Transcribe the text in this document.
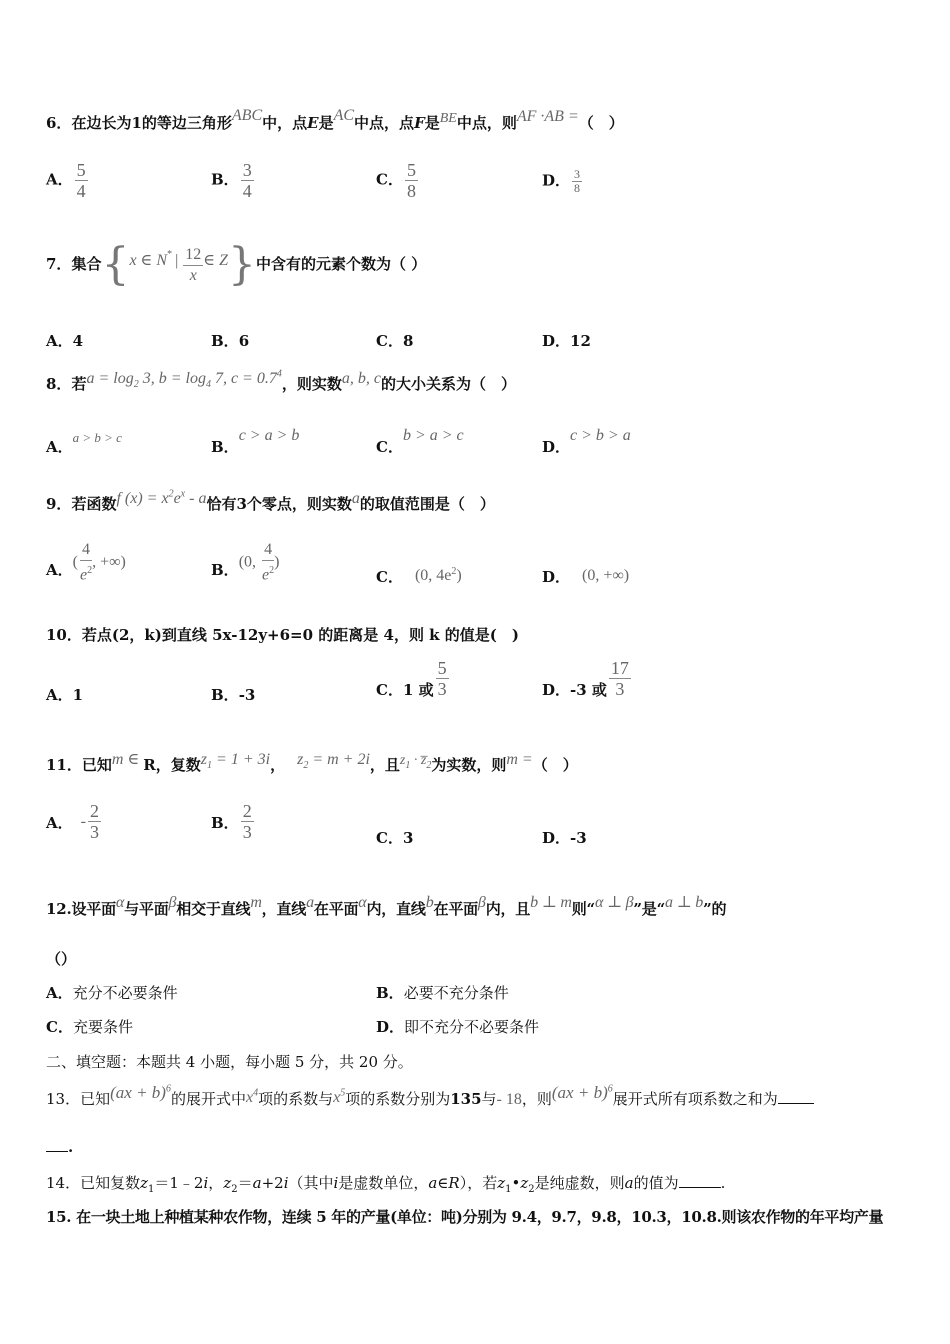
6．在边长为1的等边三角形ABC中，点E是AC中点，点F是BE中点，则AF ·AB =（　）
A． $\frac{5}{4}$	B． $\frac{3}{4}$	C． $\frac{5}{8}$	D． $\frac{3}{8}$
7．集合{x ∈ N* | $\frac{12}{x}$ ∈ Z}中含有的元素个数为（ ）
A．4	B．6	C．8	D．12
8．若$a = \log_2 3$, $b = \log_4 7$, $c = 0.7^4$，则实数a, b, c的大小关系为（　）
A．a > b > c
B．c > a > b
C．b > a > c
D．c > b > a
9．若函数f $(x) = x^2e^x - a$恰有3个零点，则实数a的取值范围是（　）
A．( $\frac{4}{e^2}$ , +∞)	B．(0, $\frac{4}{e^2}$ )
C． (0, $4e^2$)	D． (0, +∞)
10．若点(2，k)到直线 5x-12y+6=0 的距离是 4，则 k 的值是(　)
A．1	B．-3	C．1 或 $\frac{5}{3}$	D．-3 或 $\frac{17}{3}$
11．已知m ∈ R，复数$z_1 = 1 + 3i$， $z_2 = m + 2i$，且$z_1$ · $z̅_2$为实数，则m =（　）
A． - $\frac{2}{3}$	B． $\frac{2}{3}$	C．3	D．-3
12.设平面α与平面β相交于直线m，直线a在平面α内，直线b在平面β内，且b ⊥ m则“α ⊥ β”是“a ⊥ b”的
（）
A．充分不必要条件	B．必要不充分条件
C．充要条件	D．即不充分不必要条件
二、填空题：本题共 4 小题，每小题 5 分，共 20 分。
13．已知(ax + b)$^6$的展开式中$x^4$项的系数与$x^5$项的系数分别为135与- 18，则(ax + b)$^6$展开式所有项系数之和为
.
14．已知复数$z_1=1﹣2i$，$z_2=a+2i$（其中i是虚数单位，a∈R），若$z_1•z_2$是纯虚数，则a的值为	.
15. 在一块土地上种植某种农作物，连续 5 年的产量(单位：吨)分别为 9.4，9.7，9.8，10.3，10.8.则该农作物的年平均产量
